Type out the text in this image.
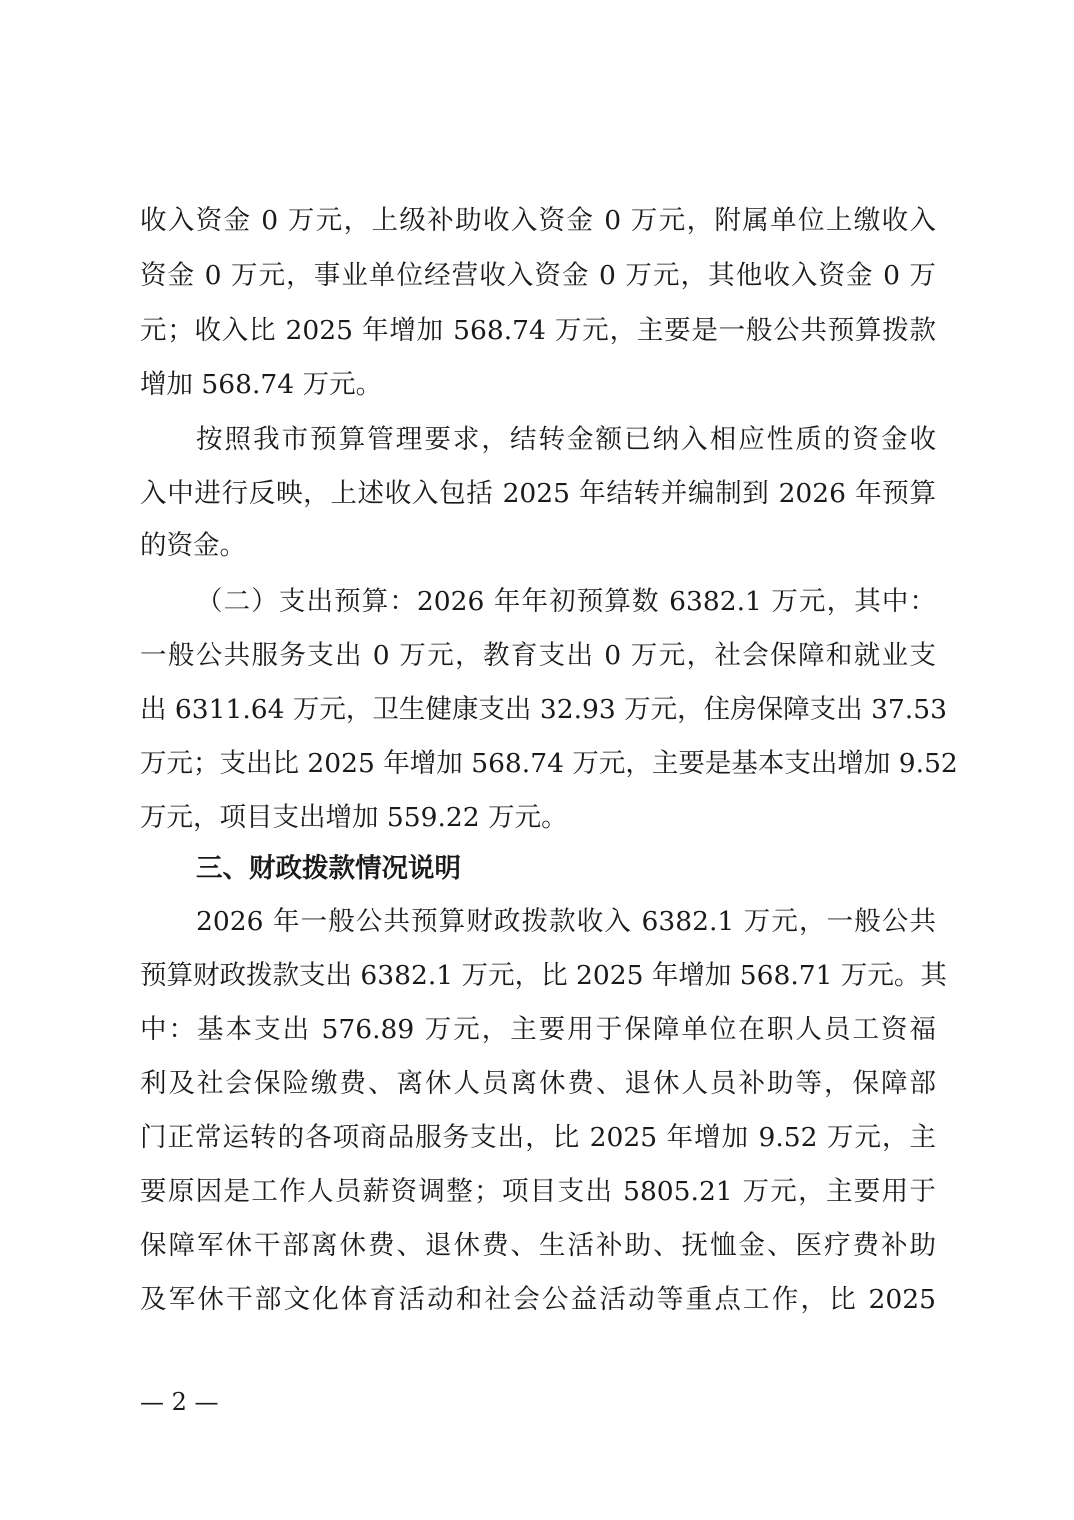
收入资金 0 万元，上级补助收入资金 0 万元，附属单位上缴收入
资金 0 万元，事业单位经营收入资金 0 万元，其他收入资金 0 万
元；收入比 2025 年增加 568.74 万元，主要是一般公共预算拨款
增加 568.74 万元。
按照我市预算管理要求，结转金额已纳入相应性质的资金收
入中进行反映，上述收入包括 2025 年结转并编制到 2026 年预算
的资金。
（二）支出预算：2026 年年初预算数 6382.1 万元，其中：
一般公共服务支出 0 万元，教育支出 0 万元，社会保障和就业支
出 6311.64 万元，卫生健康支出 32.93 万元，住房保障支出 37.53
万元；支出比 2025 年增加 568.74 万元，主要是基本支出增加 9.52
万元，项目支出增加 559.22 万元。
三、财政拨款情况说明
2026 年一般公共预算财政拨款收入 6382.1 万元，一般公共
预算财政拨款支出 6382.1 万元，比 2025 年增加 568.71 万元。其
中：基本支出 576.89 万元，主要用于保障单位在职人员工资福
利及社会保险缴费、离休人员离休费、退休人员补助等，保障部
门正常运转的各项商品服务支出，比 2025 年增加 9.52 万元，主
要原因是工作人员薪资调整；项目支出 5805.21 万元，主要用于
保障军休干部离休费、退休费、生活补助、抚恤金、医疗费补助
及军休干部文化体育活动和社会公益活动等重点工作，比 2025
— 2 —
